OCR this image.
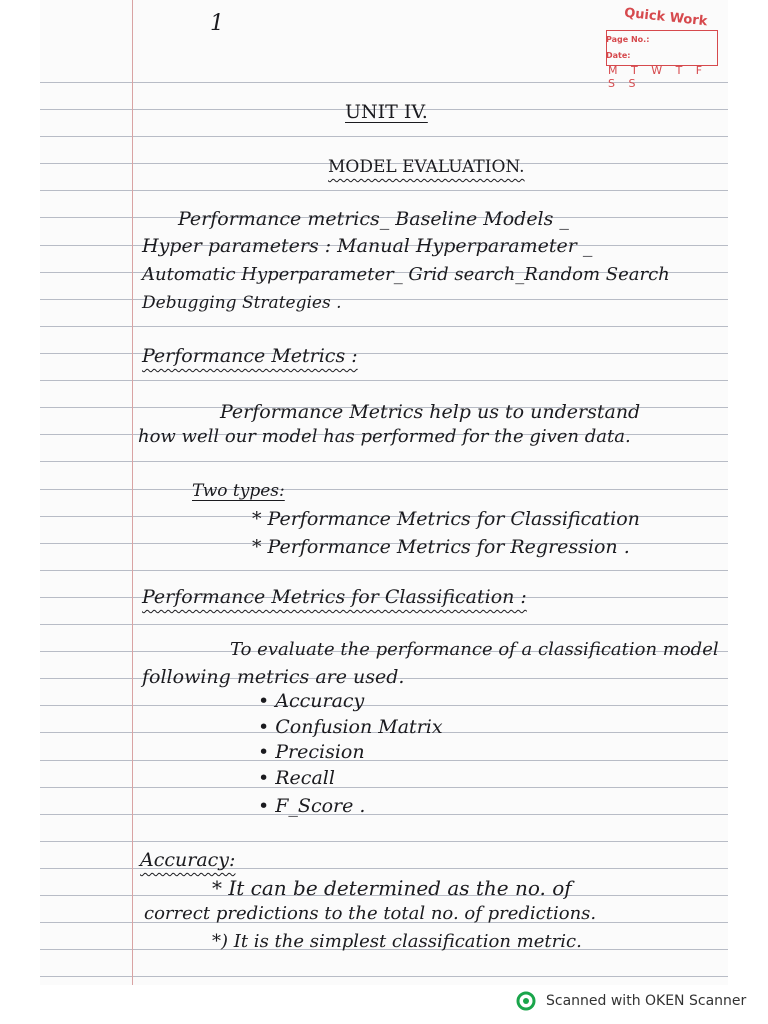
1	Quick Work
Page No.:
Date:
M T W T F S S
UNIT IV.
MODEL EVALUATION.
Performance metrics_ Baseline Models _
Hyper parameters : Manual Hyperparameter _
Automatic Hyperparameter_ Grid search_Random Search
Debugging Strategies .
Performance Metrics :
Performance Metrics help us to understand
how well our model has performed for the given data.
Two types:
* Performance Metrics for Classification
* Performance Metrics for Regression .
Performance Metrics for Classification :
To evaluate the performance of a classification model
following metrics are used.
• Accuracy
• Confusion Matrix
• Precision
• Recall
• F_Score .
Accuracy:
* It can be determined as the no. of
correct predictions to the total no. of predictions.
*) It is the simplest classification metric.
Scanned with OKEN Scanner
